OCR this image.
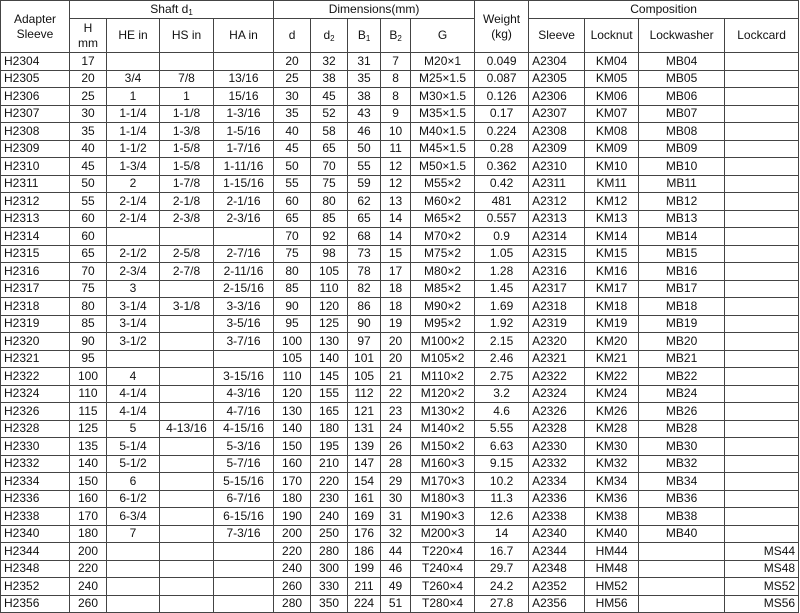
Adapter Sleeve	Shaft $d_1$				Dimensions(mm)					Weight (kg)	Composition			
	H mm	HE in	HS in	HA in	d	$d_2$	$B_1$	$B_2$	G		Sleeve	Locknut	Lockwasher	Lockcard
H2304	17				20	32	31	7	M20×1	0.049	A2304	KM04	MB04	
H2305	20	3/4	7/8	13/16	25	38	35	8	M25×1.5	0.087	A2305	KM05	MB05	
H2306	25	1	1	15/16	30	45	38	8	M30×1.5	0.126	A2306	KM06	MB06	
H2307	30	1-1/4	1-1/8	1-3/16	35	52	43	9	M35×1.5	0.17	A2307	KM07	MB07	
H2308	35	1-1/4	1-3/8	1-5/16	40	58	46	10	M40×1.5	0.224	A2308	KM08	MB08	
H2309	40	1-1/2	1-5/8	1-7/16	45	65	50	11	M45×1.5	0.28	A2309	KM09	MB09	
H2310	45	1-3/4	1-5/8	1-11/16	50	70	55	12	M50×1.5	0.362	A2310	KM10	MB10	
H2311	50	2	1-7/8	1-15/16	55	75	59	12	M55×2	0.42	A2311	KM11	MB11	
H2312	55	2-1/4	2-1/8	2-1/16	60	80	62	13	M60×2	481	A2312	KM12	MB12	
H2313	60	2-1/4	2-3/8	2-3/16	65	85	65	14	M65×2	0.557	A2313	KM13	MB13	
H2314	60				70	92	68	14	M70×2	0.9	A2314	KM14	MB14	
H2315	65	2-1/2	2-5/8	2-7/16	75	98	73	15	M75×2	1.05	A2315	KM15	MB15	
H2316	70	2-3/4	2-7/8	2-11/16	80	105	78	17	M80×2	1.28	A2316	KM16	MB16	
H2317	75	3		2-15/16	85	110	82	18	M85×2	1.45	A2317	KM17	MB17	
H2318	80	3-1/4	3-1/8	3-3/16	90	120	86	18	M90×2	1.69	A2318	KM18	MB18	
H2319	85	3-1/4		3-5/16	95	125	90	19	M95×2	1.92	A2319	KM19	MB19	
H2320	90	3-1/2		3-7/16	100	130	97	20	M100×2	2.15	A2320	KM20	MB20	
H2321	95				105	140	101	20	M105×2	2.46	A2321	KM21	MB21	
H2322	100	4		3-15/16	110	145	105	21	M110×2	2.75	A2322	KM22	MB22	
H2324	110	4-1/4		4-3/16	120	155	112	22	M120×2	3.2	A2324	KM24	MB24	
H2326	115	4-1/4		4-7/16	130	165	121	23	M130×2	4.6	A2326	KM26	MB26	
H2328	125	5	4-13/16	4-15/16	140	180	131	24	M140×2	5.55	A2328	KM28	MB28	
H2330	135	5-1/4		5-3/16	150	195	139	26	M150×2	6.63	A2330	KM30	MB30	
H2332	140	5-1/2		5-7/16	160	210	147	28	M160×3	9.15	A2332	KM32	MB32	
H2334	150	6		5-15/16	170	220	154	29	M170×3	10.2	A2334	KM34	MB34	
H2336	160	6-1/2		6-7/16	180	230	161	30	M180×3	11.3	A2336	KM36	MB36	
H2338	170	6-3/4		6-15/16	190	240	169	31	M190×3	12.6	A2338	KM38	MB38	
H2340	180	7		7-3/16	200	250	176	32	M200×3	14	A2340	KM40	MB40	
H2344	200				220	280	186	44	T220×4	16.7	A2344	HM44		MS44
H2348	220				240	300	199	46	T240×4	29.7	A2348	HM48		MS48
H2352	240				260	330	211	49	T260×4	24.2	A2352	HM52		MS52
H2356	260				280	350	224	51	T280×4	27.8	A2356	HM56		MS56
